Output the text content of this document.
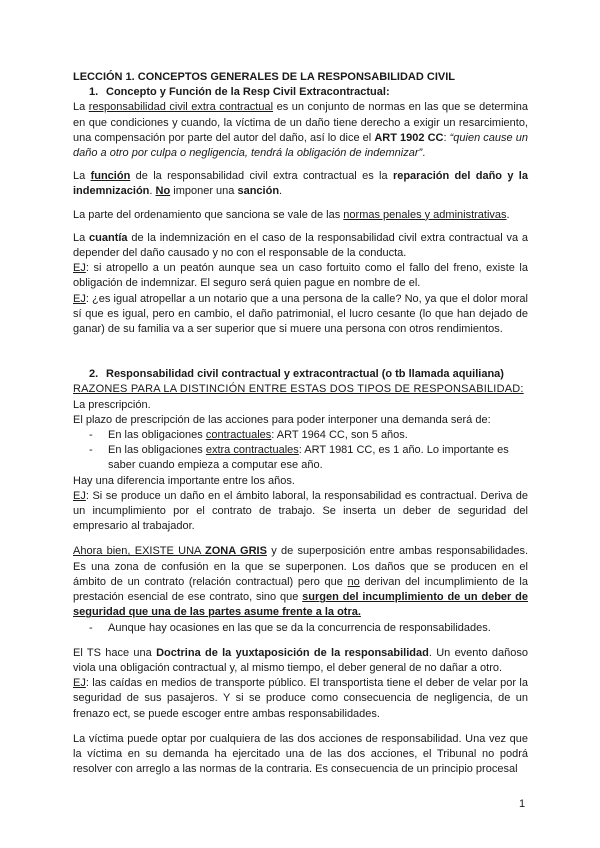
LECCIÓN 1. CONCEPTOS GENERALES DE LA RESPONSABILIDAD CIVIL

1. Concepto y Función de la Resp Civil Extracontractual:

La responsabilidad civil extra contractual es un conjunto de normas en las que se determina en que condiciones y cuando, la víctima de un daño tiene derecho a exigir un resarcimiento, una compensación por parte del autor del daño, así lo dice el ART 1902 CC: “quien cause un daño a otro por culpa o negligencia, tendrá la obligación de indemnizar”.

La función de la responsabilidad civil extra contractual es la reparación del daño y la indemnización. No imponer una sanción.

La parte del ordenamiento que sanciona se vale de las normas penales y administrativas.

La cuantía de la indemnización en el caso de la responsabilidad civil extra contractual va a depender del daño causado y no con el responsable de la conducta.

EJ: si atropello a un peatón aunque sea un caso fortuito como el fallo del freno, existe la obligación de indemnizar. El seguro será quien pague en nombre de el.

EJ: ¿es igual atropellar a un notario que a una persona de la calle? No, ya que el dolor moral sí que es igual, pero en cambio, el daño patrimonial, el lucro cesante (lo que han dejado de ganar) de su familia va a ser superior que si muere una persona con otros rendimientos.

2. Responsabilidad civil contractual y extracontractual (o tb llamada aquiliana)

RAZONES PARA LA DISTINCIÓN ENTRE ESTAS DOS TIPOS DE RESPONSABILIDAD:

La prescripción.

El plazo de prescripción de las acciones para poder interponer una demanda será de:

- En las obligaciones contractuales: ART 1964 CC, son 5 años.

- En las obligaciones extra contractuales: ART 1981 CC, es 1 año. Lo importante es saber cuando empieza a computar ese año.

Hay una diferencia importante entre los años.

EJ: Si se produce un daño en el ámbito laboral, la responsabilidad es contractual. Deriva de un incumplimiento por el contrato de trabajo. Se inserta un deber de seguridad del empresario al trabajador.

Ahora bien, EXISTE UNA ZONA GRIS y de superposición entre ambas responsabilidades. Es una zona de confusión en la que se superponen. Los daños que se producen en el ámbito de un contrato (relación contractual) pero que no derivan del incumplimiento de la prestación esencial de ese contrato, sino que surgen del incumplimiento de un deber de seguridad que una de las partes asume frente a la otra.

- Aunque hay ocasiones en las que se da la concurrencia de responsabilidades.

El TS hace una Doctrina de la yuxtaposición de la responsabilidad. Un evento dañoso viola una obligación contractual y, al mismo tiempo, el deber general de no dañar a otro.

EJ: las caídas en medios de transporte público. El transportista tiene el deber de velar por la seguridad de sus pasajeros. Y si se produce como consecuencia de negligencia, de un frenazo ect, se puede escoger entre ambas responsabilidades.

La víctima puede optar por cualquiera de las dos acciones de responsabilidad. Una vez que la víctima en su demanda ha ejercitado una de las dos acciones, el Tribunal no podrá resolver con arreglo a las normas de la contraria. Es consecuencia de un principio procesal

1
